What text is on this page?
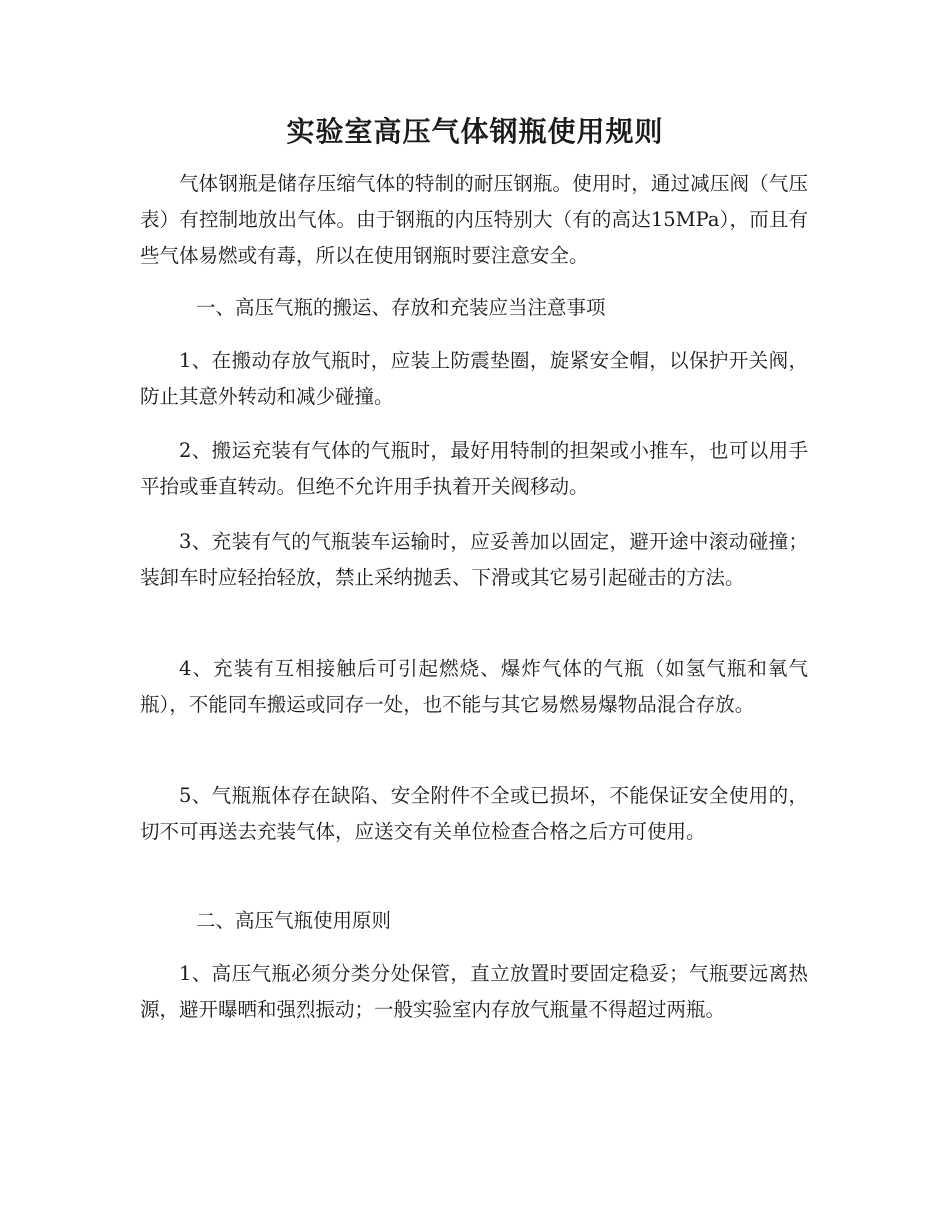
实验室高压气体钢瓶使用规则
气体钢瓶是储存压缩气体的特制的耐压钢瓶。使用时，通过减压阀（气压表）有控制地放出气体。由于钢瓶的内压特别大（有的高达15MPa），而且有些气体易燃或有毒，所以在使用钢瓶时要注意安全。
一、高压气瓶的搬运、存放和充装应当注意事项
1、在搬动存放气瓶时，应装上防震垫圈，旋紧安全帽，以保护开关阀，防止其意外转动和减少碰撞。
2、搬运充装有气体的气瓶时，最好用特制的担架或小推车，也可以用手平抬或垂直转动。但绝不允许用手执着开关阀移动。
3、充装有气的气瓶装车运输时，应妥善加以固定，避开途中滚动碰撞；装卸车时应轻抬轻放，禁止采纳抛丢、下滑或其它易引起碰击的方法。
4、充装有互相接触后可引起燃烧、爆炸气体的气瓶（如氢气瓶和氧气瓶），不能同车搬运或同存一处，也不能与其它易燃易爆物品混合存放。
5、气瓶瓶体存在缺陷、安全附件不全或已损坏，不能保证安全使用的，切不可再送去充装气体，应送交有关单位检查合格之后方可使用。
二、高压气瓶使用原则
1、高压气瓶必须分类分处保管，直立放置时要固定稳妥；气瓶要远离热源，避开曝晒和强烈振动；一般实验室内存放气瓶量不得超过两瓶。
